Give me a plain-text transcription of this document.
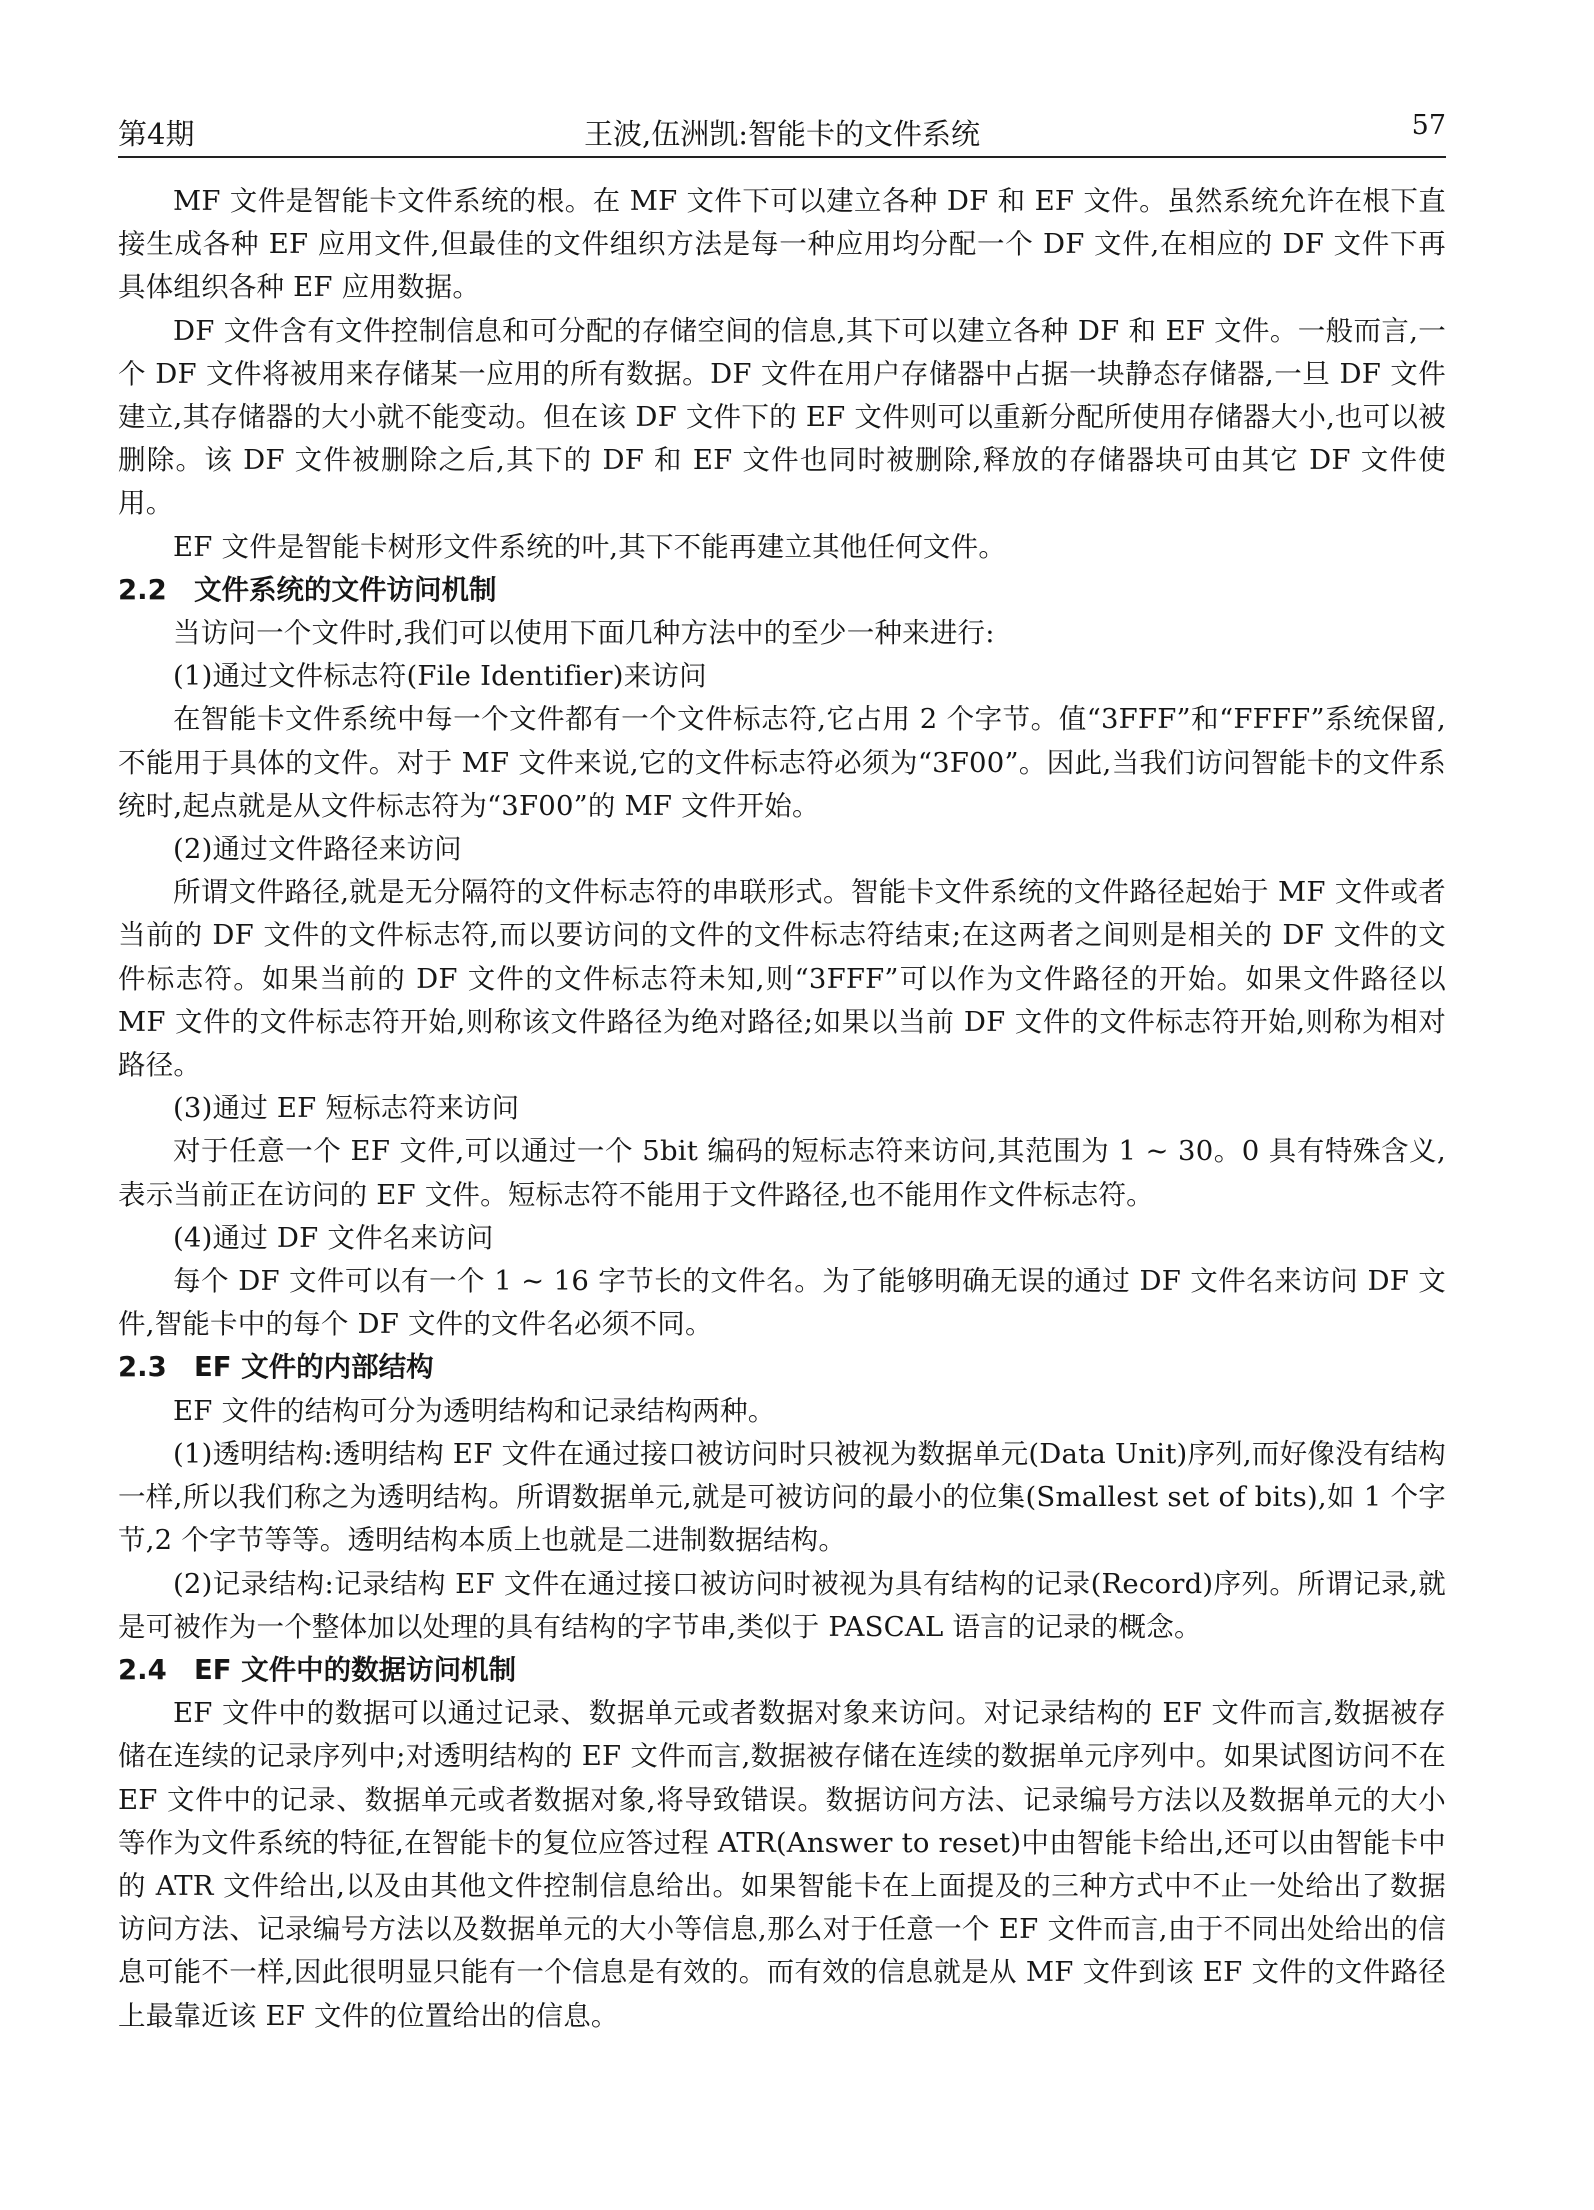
第4期	王波,伍洲凯:智能卡的文件系统	57

MF 文件是智能卡文件系统的根。在 MF 文件下可以建立各种 DF 和 EF 文件。虽然系统允许在根下直接生成各种 EF 应用文件,但最佳的文件组织方法是每一种应用均分配一个 DF 文件,在相应的 DF 文件下再具体组织各种 EF 应用数据。

DF 文件含有文件控制信息和可分配的存储空间的信息,其下可以建立各种 DF 和 EF 文件。一般而言,一个 DF 文件将被用来存储某一应用的所有数据。DF 文件在用户存储器中占据一块静态存储器,一旦 DF 文件建立,其存储器的大小就不能变动。但在该 DF 文件下的 EF 文件则可以重新分配所使用存储器大小,也可以被删除。该 DF 文件被删除之后,其下的 DF 和 EF 文件也同时被删除,释放的存储器块可由其它 DF 文件使用。

EF 文件是智能卡树形文件系统的叶,其下不能再建立其他任何文件。

2.2 文件系统的文件访问机制

当访问一个文件时,我们可以使用下面几种方法中的至少一种来进行:

(1)通过文件标志符(File Identifier)来访问

在智能卡文件系统中每一个文件都有一个文件标志符,它占用 2 个字节。值“3FFF”和“FFFF”系统保留,不能用于具体的文件。对于 MF 文件来说,它的文件标志符必须为“3F00”。因此,当我们访问智能卡的文件系统时,起点就是从文件标志符为“3F00”的 MF 文件开始。

(2)通过文件路径来访问

所谓文件路径,就是无分隔符的文件标志符的串联形式。智能卡文件系统的文件路径起始于 MF 文件或者当前的 DF 文件的文件标志符,而以要访问的文件的文件标志符结束;在这两者之间则是相关的 DF 文件的文件标志符。如果当前的 DF 文件的文件标志符未知,则“3FFF”可以作为文件路径的开始。如果文件路径以 MF 文件的文件标志符开始,则称该文件路径为绝对路径;如果以当前 DF 文件的文件标志符开始,则称为相对路径。

(3)通过 EF 短标志符来访问

对于任意一个 EF 文件,可以通过一个 5bit 编码的短标志符来访问,其范围为 1 ~ 30。0 具有特殊含义,表示当前正在访问的 EF 文件。短标志符不能用于文件路径,也不能用作文件标志符。

(4)通过 DF 文件名来访问

每个 DF 文件可以有一个 1 ~ 16 字节长的文件名。为了能够明确无误的通过 DF 文件名来访问 DF 文件,智能卡中的每个 DF 文件的文件名必须不同。

2.3 EF 文件的内部结构

EF 文件的结构可分为透明结构和记录结构两种。

(1)透明结构:透明结构 EF 文件在通过接口被访问时只被视为数据单元(Data Unit)序列,而好像没有结构一样,所以我们称之为透明结构。所谓数据单元,就是可被访问的最小的位集(Smallest set of bits),如 1 个字节,2 个字节等等。透明结构本质上也就是二进制数据结构。

(2)记录结构:记录结构 EF 文件在通过接口被访问时被视为具有结构的记录(Record)序列。所谓记录,就是可被作为一个整体加以处理的具有结构的字节串,类似于 PASCAL 语言的记录的概念。

2.4 EF 文件中的数据访问机制

EF 文件中的数据可以通过记录、数据单元或者数据对象来访问。对记录结构的 EF 文件而言,数据被存储在连续的记录序列中;对透明结构的 EF 文件而言,数据被存储在连续的数据单元序列中。如果试图访问不在 EF 文件中的记录、数据单元或者数据对象,将导致错误。数据访问方法、记录编号方法以及数据单元的大小等作为文件系统的特征,在智能卡的复位应答过程 ATR(Answer to reset)中由智能卡给出,还可以由智能卡中的 ATR 文件给出,以及由其他文件控制信息给出。如果智能卡在上面提及的三种方式中不止一处给出了数据访问方法、记录编号方法以及数据单元的大小等信息,那么对于任意一个 EF 文件而言,由于不同出处给出的信息可能不一样,因此很明显只能有一个信息是有效的。而有效的信息就是从 MF 文件到该 EF 文件的文件路径上最靠近该 EF 文件的位置给出的信息。
